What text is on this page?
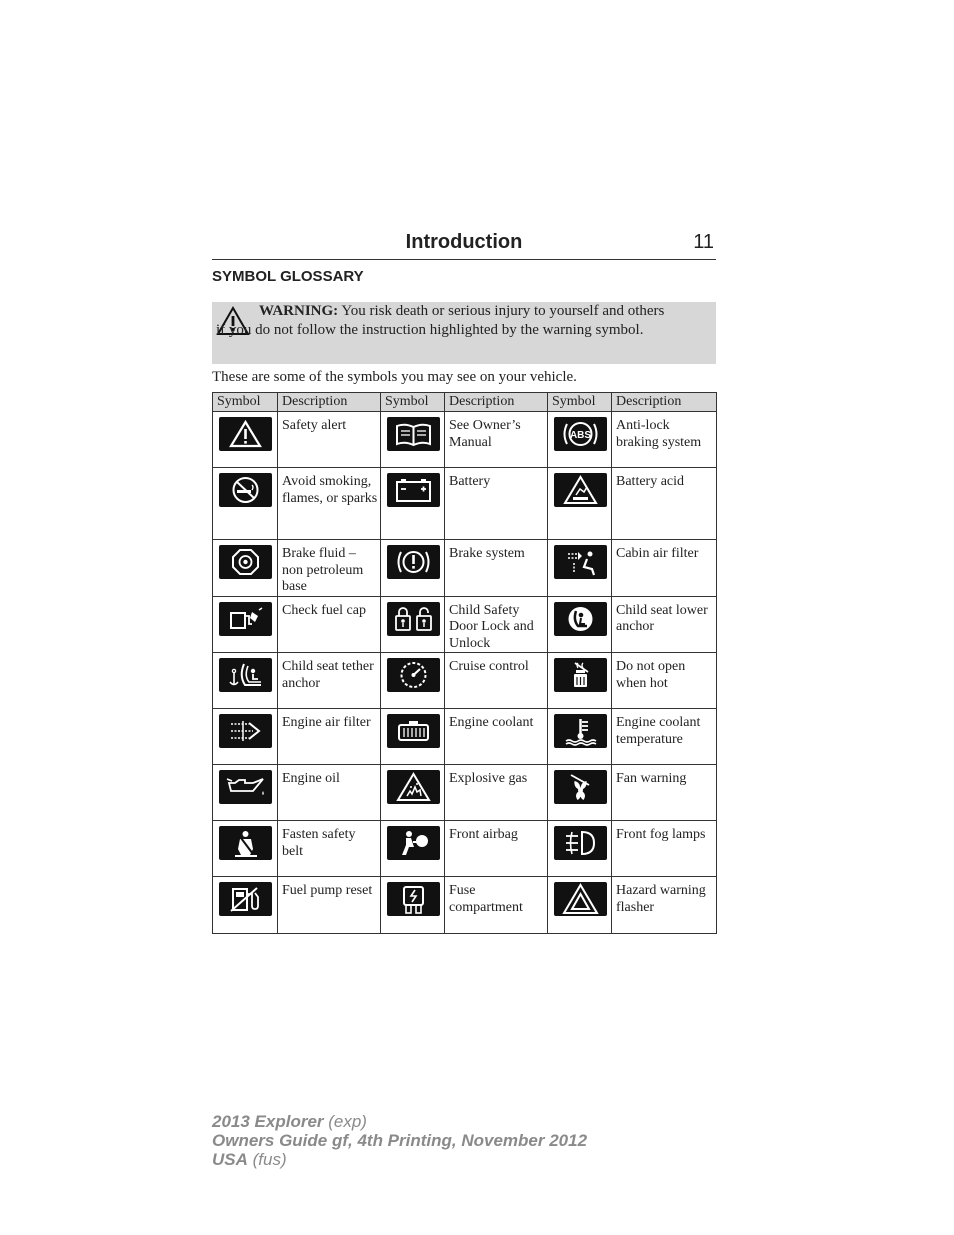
Introduction	11
SYMBOL GLOSSARY
WARNING: You risk death or serious injury to yourself and others if you do not follow the instruction highlighted by the warning symbol.
These are some of the symbols you may see on your vehicle.
Symbol	Description	Symbol	Description	Symbol	Description

	Safety alert		See Owner’s Manual	ABS	Anti-lock braking system

	Avoid smoking, flames, or sparks		Battery		Battery acid

	Brake fluid – non petroleum base		Brake system		Cabin air filter

	Check fuel cap		Child Safety Door Lock and Unlock		Child seat lower anchor

	Child seat tether anchor		Cruise control		Do not open when hot

	Engine air filter		Engine coolant		Engine coolant temperature

	Engine oil		Explosive gas		Fan warning

	Fasten safety belt		Front airbag		Front fog lamps

	Fuel pump reset		Fuse compartment		Hazard warning flasher
2013 Explorer (exp)
Owners Guide gf, 4th Printing, November 2012
USA (fus)
